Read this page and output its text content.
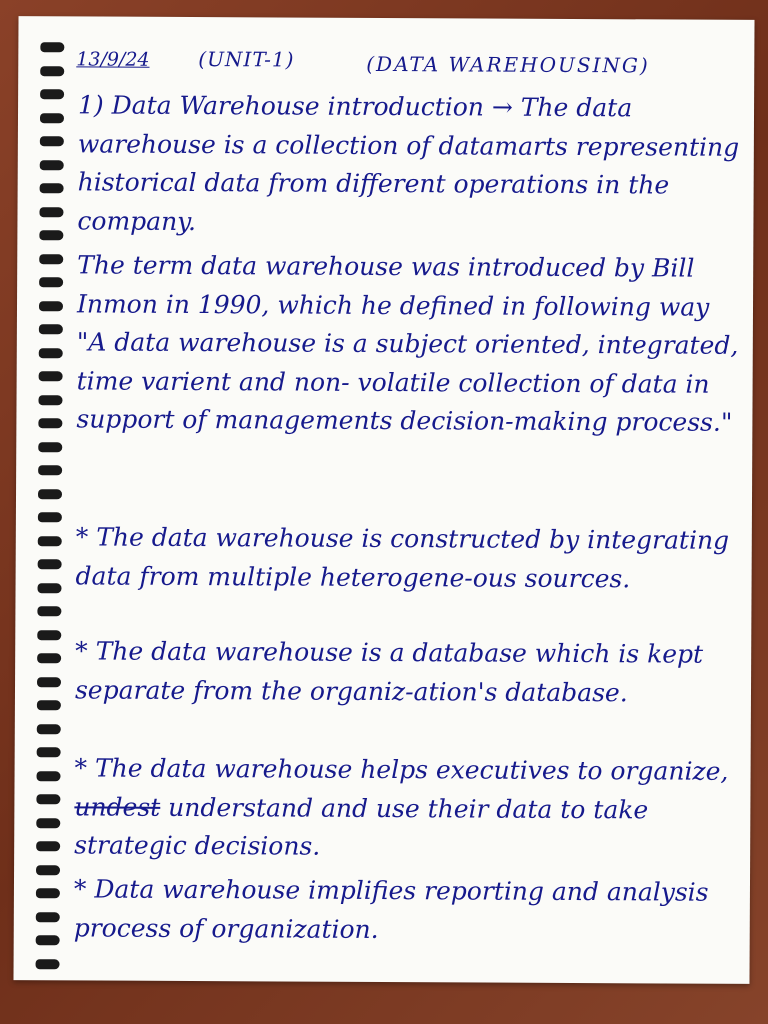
13/9/24 (UNIT-1)	(DATA WAREHOUSING)

1) Data Warehouse introduction → The data warehouse is a collection of datamarts representing historical data from different operations in the company.

The term data warehouse was introduced by Bill Inmon in 1990, which he defined in following way "A data warehouse is a subject oriented, integrated, time varient and non- volatile collection of data in support of managements decision-making process."

* The data warehouse is constructed by integrating data from multiple heterogene-ous sources.

* The data warehouse is a database which is kept separate from the organiz-ation's database.

* The data warehouse helps executives to organize, undest understand and use their data to take strategic decisions.

* Data warehouse implifies reporting and analysis process of organization.
